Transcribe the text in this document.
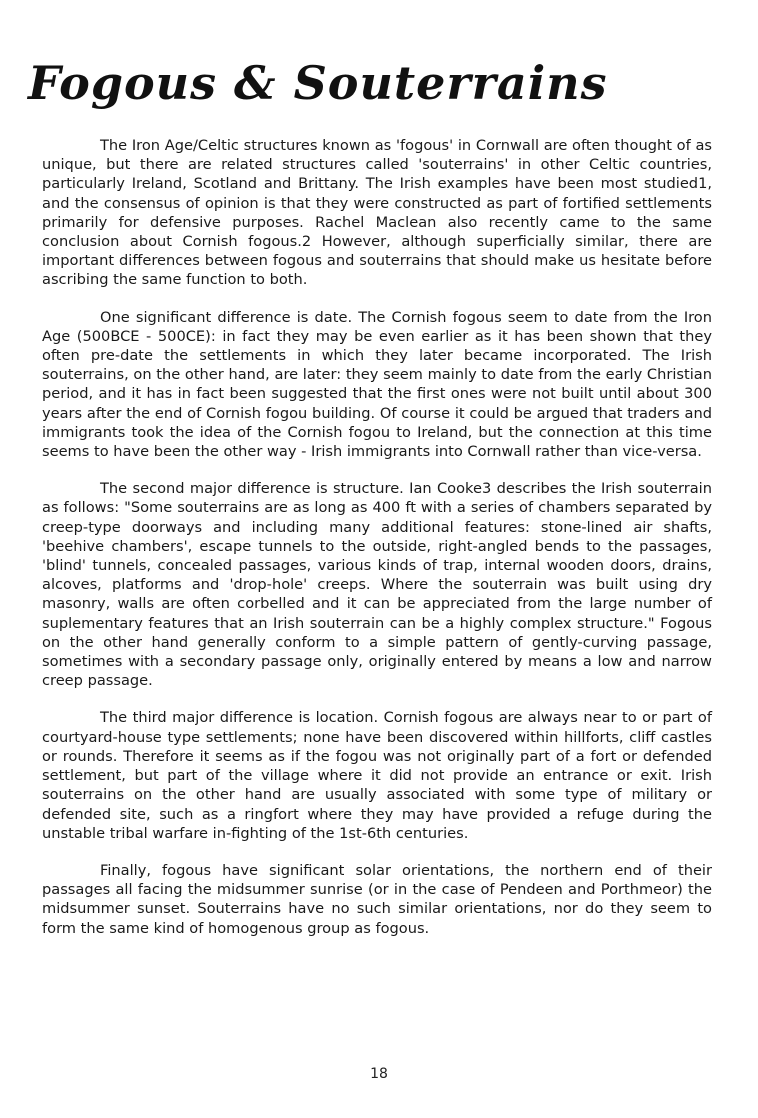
Fogous & Souterrains

The Iron Age/Celtic structures known as 'fogous' in Cornwall are often thought of as unique, but there are related structures called 'souterrains' in other Celtic countries, particularly Ireland, Scotland and Brittany. The Irish examples have been most studied1, and the consensus of opinion is that they were constructed as part of fortified settlements primarily for defensive purposes. Rachel Maclean also recently came to the same conclusion about Cornish fogous.2 However, although superficially similar, there are important differences between fogous and souterrains that should make us hesitate before ascribing the same function to both.

One significant difference is date. The Cornish fogous seem to date from the Iron Age (500BCE - 500CE): in fact they may be even earlier as it has been shown that they often pre-date the settlements in which they later became incorporated. The Irish souterrains, on the other hand, are later: they seem mainly to date from the early Christian period, and it has in fact been suggested that the first ones were not built until about 300 years after the end of Cornish fogou building. Of course it could be argued that traders and immigrants took the idea of the Cornish fogou to Ireland, but the connection at this time seems to have been the other way - Irish immigrants into Cornwall rather than vice-versa.

The second major difference is structure. Ian Cooke3 describes the Irish souterrain as follows: "Some souterrains are as long as 400 ft with a series of chambers separated by creep-type doorways and including many additional features: stone-lined air shafts, 'beehive chambers', escape tunnels to the outside, right-angled bends to the passages, 'blind' tunnels, concealed passages, various kinds of trap, internal wooden doors, drains, alcoves, platforms and 'drop-hole' creeps. Where the souterrain was built using dry masonry, walls are often corbelled and it can be appreciated from the large number of suplementary features that an Irish souterrain can be a highly complex structure." Fogous on the other hand generally conform to a simple pattern of gently-curving passage, sometimes with a secondary passage only, originally entered by means a low and narrow creep passage.

The third major difference is location. Cornish fogous are always near to or part of courtyard-house type settlements; none have been discovered within hillforts, cliff castles or rounds. Therefore it seems as if the fogou was not originally part of a fort or defended settlement, but part of the village where it did not provide an entrance or exit. Irish souterrains on the other hand are usually associated with some type of military or defended site, such as a ringfort where they may have provided a refuge during the unstable tribal warfare in-fighting of the 1st-6th centuries.

Finally, fogous have significant solar orientations, the northern end of their passages all facing the midsummer sunrise (or in the case of Pendeen and Porthmeor) the midsummer sunset. Souterrains have no such similar orientations, nor do they seem to form the same kind of homogenous group as fogous.

18
